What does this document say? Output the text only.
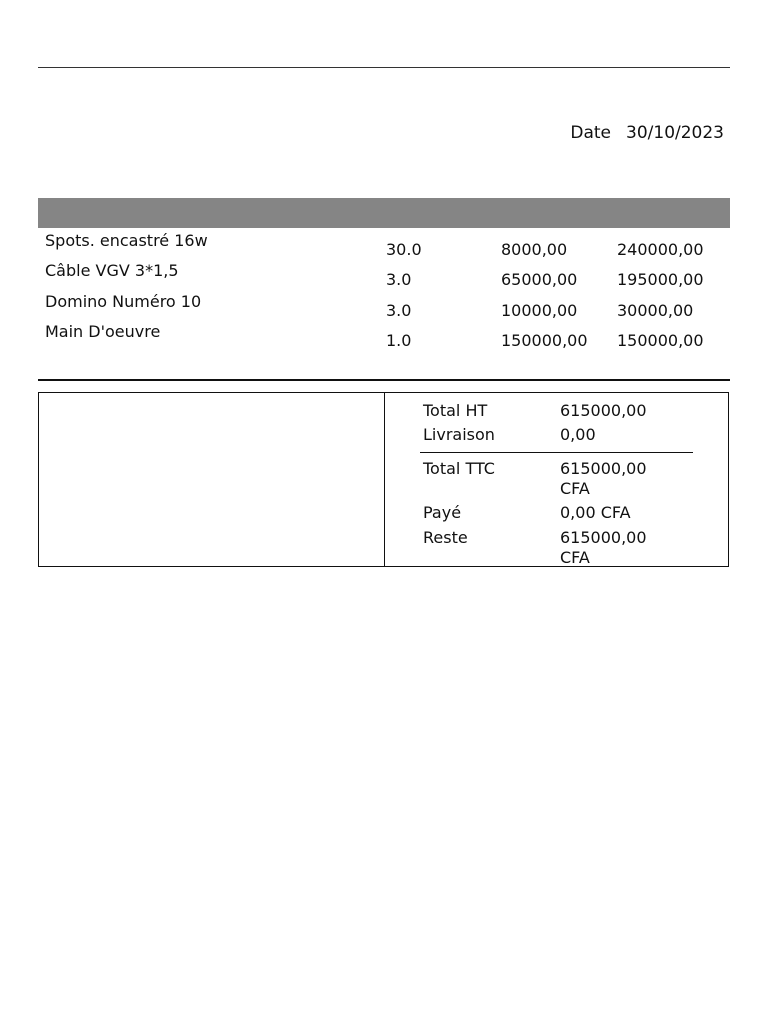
Date 30/10/2023
Spots. encastré 16w	30.0	8000,00	240000,00
Câble VGV 3*1,5	3.0	65000,00 195000,00
Domino Numéro 10	3.0	10000,00 30000,00
Main D'oeuvre	1.0	150000,00 150000,00
Total HT	615000,00
Livraison	0,00
Total TTC	615000,00 CFA
Payé	0,00 CFA
Reste	615000,00 CFA
